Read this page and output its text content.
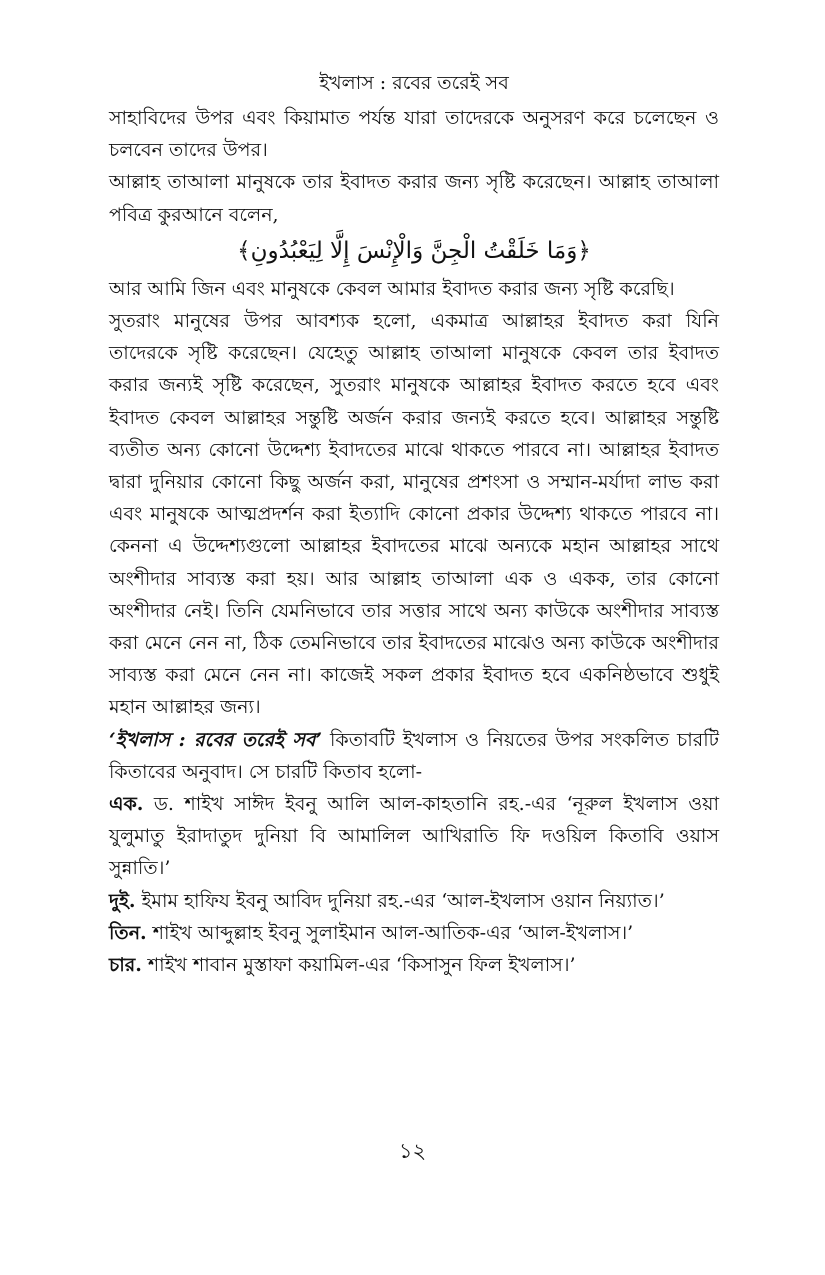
ইখলাস : রবের তরেই সব

সাহাবিদের উপর এবং কিয়ামাত পর্যন্ত যারা তাদেরকে অনুসরণ করে চলেছেন ও চলবেন তাদের উপর।

আল্লাহ তাআলা মানুষকে তার ইবাদত করার জন্য সৃষ্টি করেছেন। আল্লাহ তাআলা পবিত্র কুরআনে বলেন,

﴿وَمَا خَلَقْتُ الْجِنَّ وَالْإِنْسَ إِلَّا لِيَعْبُدُونِ﴾

আর আমি জিন এবং মানুষকে কেবল আমার ইবাদত করার জন্য সৃষ্টি করেছি।

সুতরাং মানুষের উপর আবশ্যক হলো, একমাত্র আল্লাহর ইবাদত করা যিনি তাদেরকে সৃষ্টি করেছেন। যেহেতু আল্লাহ তাআলা মানুষকে কেবল তার ইবাদত করার জন্যই সৃষ্টি করেছেন, সুতরাং মানুষকে আল্লাহর ইবাদত করতে হবে এবং ইবাদত কেবল আল্লাহর সন্তুষ্টি অর্জন করার জন্যই করতে হবে। আল্লাহর সন্তুষ্টি ব্যতীত অন্য কোনো উদ্দেশ্য ইবাদতের মাঝে থাকতে পারবে না। আল্লাহর ইবাদত দ্বারা দুনিয়ার কোনো কিছু অর্জন করা, মানুষের প্রশংসা ও সম্মান-মর্যাদা লাভ করা এবং মানুষকে আত্মপ্রদর্শন করা ইত্যাদি কোনো প্রকার উদ্দেশ্য থাকতে পারবে না। কেননা এ উদ্দেশ্যগুলো আল্লাহর ইবাদতের মাঝে অন্যকে মহান আল্লাহর সাথে অংশীদার সাব্যস্ত করা হয়। আর আল্লাহ তাআলা এক ও একক, তার কোনো অংশীদার নেই। তিনি যেমনিভাবে তার সত্তার সাথে অন্য কাউকে অংশীদার সাব্যস্ত করা মেনে নেন না, ঠিক তেমনিভাবে তার ইবাদতের মাঝেও অন্য কাউকে অংশীদার সাব্যস্ত করা মেনে নেন না। কাজেই সকল প্রকার ইবাদত হবে একনিষ্ঠভাবে শুধুই মহান আল্লাহর জন্য।

‘ইখলাস : রবের তরেই সব’ কিতাবটি ইখলাস ও নিয়তের উপর সংকলিত চারটি কিতাবের অনুবাদ। সে চারটি কিতাব হলো-

এক. ড. শাইখ সাঈদ ইবনু আলি আল-কাহতানি রহ.-এর ‘নূরুল ইখলাস ওয়া যুলুমাতু ইরাদাতুদ দুনিয়া বি আমালিল আখিরাতি ফি দওয়িল কিতাবি ওয়াস সুন্নাতি।’

দুই. ইমাম হাফিয ইবনু আবিদ দুনিয়া রহ.-এর ‘আল-ইখলাস ওয়ান নিয়্যাত।’

তিন. শাইখ আব্দুল্লাহ ইবনু সুলাইমান আল-আতিক-এর ‘আল-ইখলাস।’

চার. শাইখ শাবান মুস্তাফা কয়ামিল-এর ‘কিসাসুন ফিল ইখলাস।’

১২
